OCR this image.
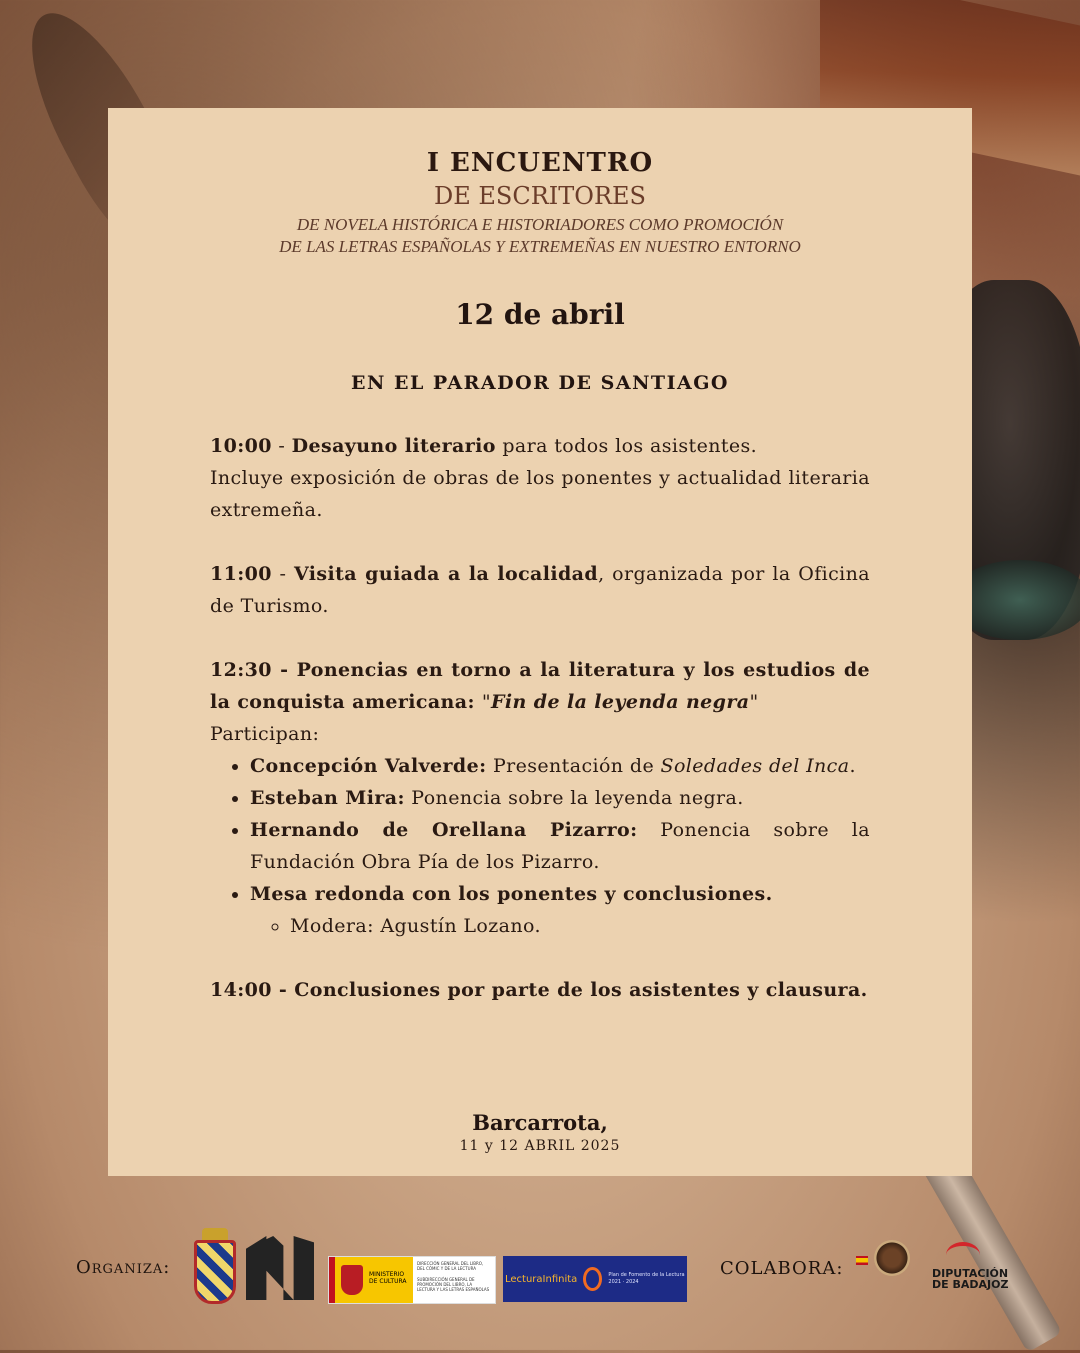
I ENCUENTRO
DE ESCRITORES
DE NOVELA HISTÓRICA E HISTORIADORES COMO PROMOCIÓN
DE LAS LETRAS ESPAÑOLAS Y EXTREMEÑAS EN NUESTRO ENTORNO
12 de abril
EN EL PARADOR DE SANTIAGO

10:00 - Desayuno literario para todos los asistentes.

Incluye exposición de obras de los ponentes y actualidad literaria extremeña.

11:00 - Visita guiada a la localidad, organizada por la Oficina de Turismo.

12:30 - Ponencias en torno a la literatura y los estudios de la conquista americana: "Fin de la leyenda negra"

Participan:
• Concepción Valverde: Presentación de Soledades del Inca.
• Esteban Mira: Ponencia sobre la leyenda negra.
• Hernando de Orellana Pizarro: Ponencia sobre la Fundación Obra Pía de los Pizarro.
• Mesa redonda con los ponentes y conclusiones.
◦ Modera: Agustín Lozano.

14:00 - Conclusiones por parte de los asistentes y clausura.

Barcarrota,
11 y 12 ABRIL 2025
Organiza:	MINISTERIO DE CULTURA
DIRECCIÓN GENERAL DEL LIBRO, DEL CÓMIC Y DE LA LECTURA
SUBDIRECCIÓN GENERAL DE PROMOCIÓN DEL LIBRO, LA LECTURA Y LAS LETRAS ESPAÑOLAS
LecturaInfinita	Plan de Fomento de la Lectura 2021 · 2024
COLABORA:
	DIPUTACIÓN
DE BADAJOZ
